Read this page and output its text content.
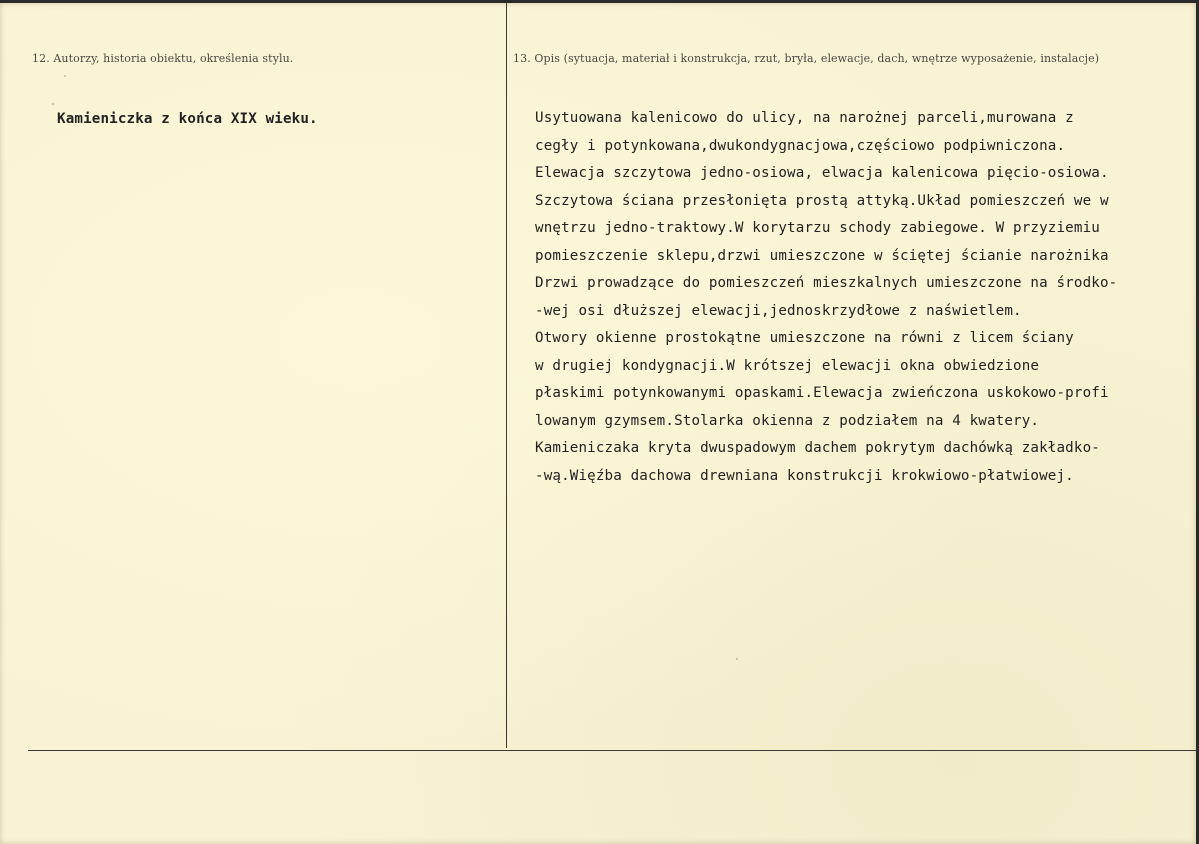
12. Autorzy, historia obiektu, określenia stylu.	13. Opis (sytuacja, materiał i konstrukcja, rzut, bryła, elewacje, dach, wnętrze wyposażenie, instalacje)
Kamieniczka z końca XIX wieku.	Usytuowana kalenicowo do ulicy, na narożnej parceli,murowana z
cegły i potynkowana,dwukondygnacjowa,częściowo podpiwniczona.
Elewacja szczytowa jedno-osiowa, elwacja kalenicowa pięcio-osiowa.
Szczytowa ściana przesłonięta prostą attyką.Układ pomieszczeń we w
wnętrzu jedno-traktowy.W korytarzu schody zabiegowe. W przyziemiu
pomieszczenie sklepu,drzwi umieszczone w ściętej ścianie narożnika
Drzwi prowadzące do pomieszczeń mieszkalnych umieszczone na środko-
-wej osi dłuższej elewacji,jednoskrzydłowe z naświetlem.
Otwory okienne prostokątne umieszczone na równi z licem ściany
w drugiej kondygnacji.W krótszej elewacji okna obwiedzione
płaskimi potynkowanymi opaskami.Elewacja zwieńczona uskokowo-profi
lowanym gzymsem.Stolarka okienna z podziałem na 4 kwatery.
Kamieniczaka kryta dwuspadowym dachem pokrytym dachówką zakładko-
-wą.Więźba dachowa drewniana konstrukcji krokwiowo-płatwiowej.
